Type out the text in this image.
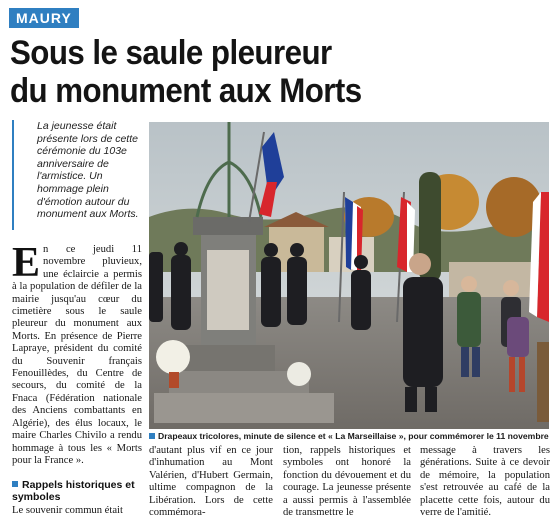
MAURY
Sous le saule pleureur
du monument aux Morts
La jeunesse était présente lors de cette cérémonie du 103e anniversaire de l'armistice. Un hommage plein d'émotion autour du monument aux Morts.
Drapeaux tricolores, minute de silence et « La Marseillaise », pour commémorer le 11 novembre
En ce jeudi 11 novembre pluvieux, une éclaircie a permis à la population de défiler de la mairie jusqu'au cœur du cimetière sous le saule pleureur du monument aux Morts. En présence de Pierre Lapraye, président du comité du Souvenir français Fenouillèdes, du Centre de secours, du comité de la Fnaca (Fédération nationale des Anciens combattants en Algérie), des élus locaux, le maire Charles Chivilo a rendu hommage à tous les « Morts pour la France ».
Rappels historiques et symboles
Le souvenir commun était
d'autant plus vif en ce jour d'inhumation au Mont Valérien, d'Hubert Germain, ultime compagnon de la Libération. Lors de cette commémora-
tion, rappels historiques et symboles ont honoré la fonction du dévouement et du courage. La jeunesse présente a aussi permis à l'assemblée de transmettre le
message à travers les générations. Suite à ce devoir de mémoire, la population s'est retrouvée au café de la placette cette fois, autour du verre de l'amitié.
